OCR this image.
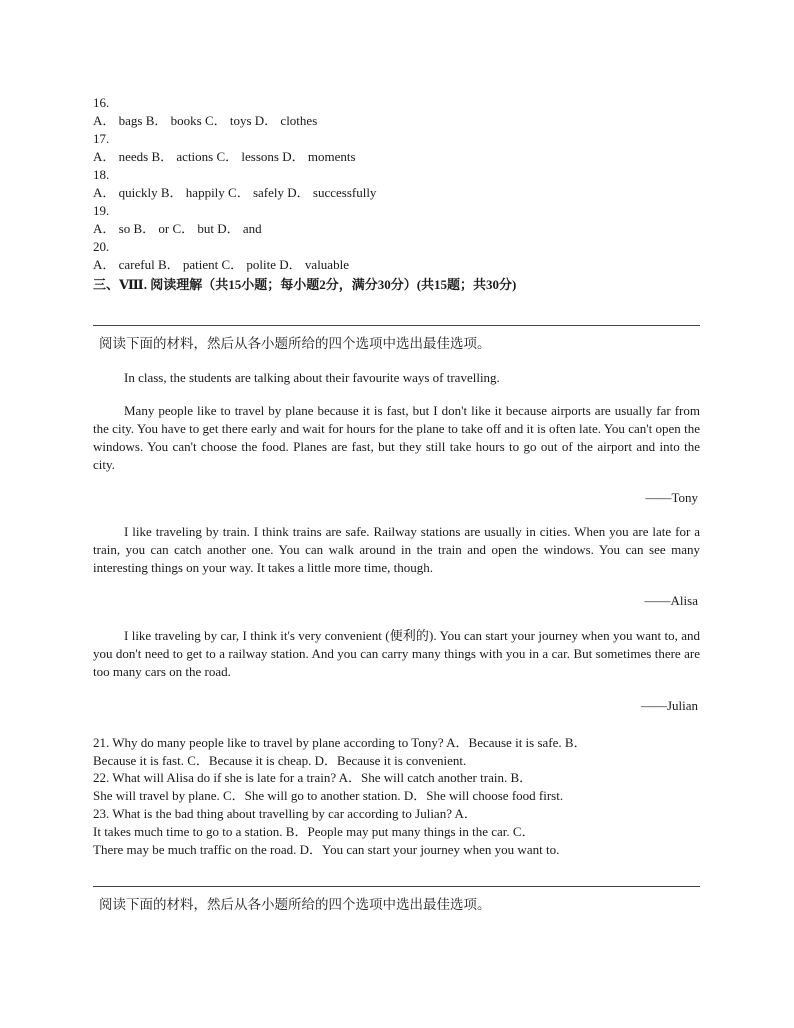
16.
A． bags B． books C． toys D． clothes
17.
A． needs B． actions C． lessons D． moments
18.
A． quickly B． happily C． safely D． successfully
19.
A． so B． or C． but D． and
20.
A． careful B． patient C． polite D． valuable
三、Ⅷ. 阅读理解（共15小题；每小题2分，满分30分）(共15题；共30分)
阅读下面的材料，然后从各小题所给的四个选项中选出最佳选项。
In class, the students are talking about their favourite ways of travelling.
Many people like to travel by plane because it is fast, but I don't like it because airports are usually far from the city. You have to get there early and wait for hours for the plane to take off and it is often late. You can't open the windows. You can't choose the food. Planes are fast, but they still take hours to go out of the airport and into the city.
——Tony
I like traveling by train. I think trains are safe. Railway stations are usually in cities. When you are late for a train, you can catch another one. You can walk around in the train and open the windows. You can see many interesting things on your way. It takes a little more time, though.
——Alisa
I like traveling by car, I think it's very convenient (便利的). You can start your journey when you want to, and you don't need to get to a railway station. And you can carry many things with you in a car. But sometimes there are too many cars on the road.
——Julian
21. Why do many people like to travel by plane according to Tony? A．Because it is safe. B．
Because it is fast. C．Because it is cheap. D．Because it is convenient.
22. What will Alisa do if she is late for a train? A．She will catch another train. B．
She will travel by plane. C．She will go to another station. D．She will choose food first.
23. What is the bad thing about travelling by car according to Julian? A．
It takes much time to go to a station. B．People may put many things in the car. C．
There may be much traffic on the road. D．You can start your journey when you want to.
阅读下面的材料，然后从各小题所给的四个选项中选出最佳选项。
